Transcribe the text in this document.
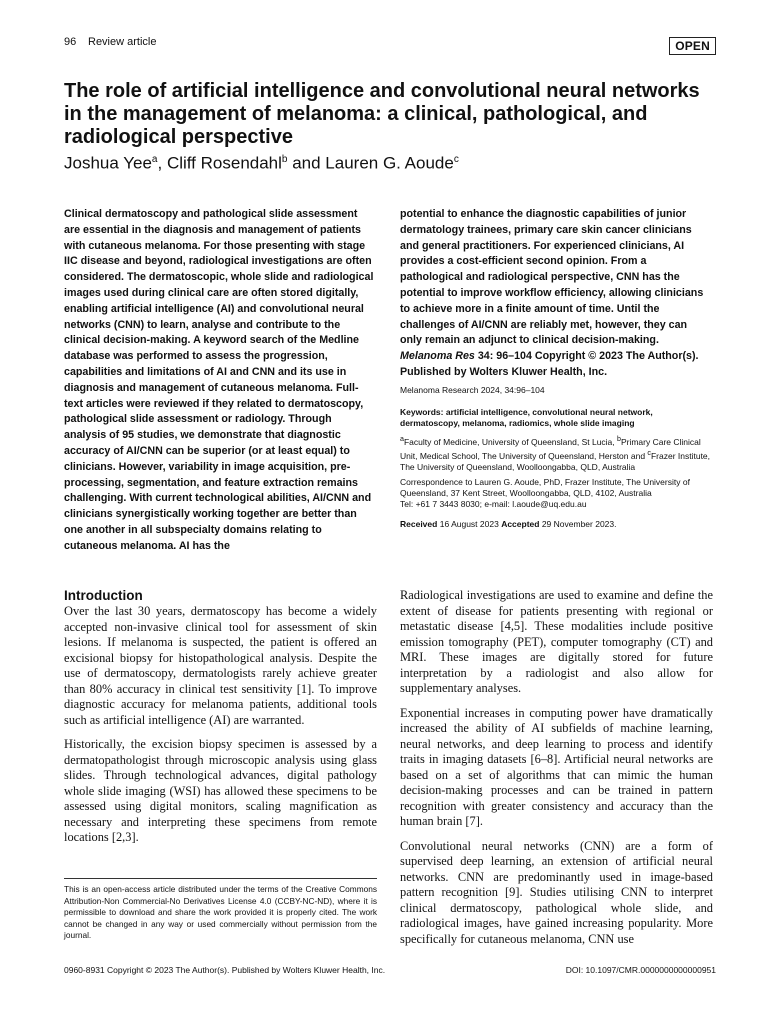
96 Review article	OPEN
The role of artificial intelligence and convolutional neural networks in the management of melanoma: a clinical, pathological, and radiological perspective

Joshua Yee$^a$, Cliff Rosendahl$^b$ and Lauren G. Aoude$^c$

Clinical dermatoscopy and pathological slide assessment are essential in the diagnosis and management of patients with cutaneous melanoma. For those presenting with stage IIC disease and beyond, radiological investigations are often considered. The dermatoscopic, whole slide and radiological images used during clinical care are often stored digitally, enabling artificial intelligence (AI) and convolutional neural networks (CNN) to learn, analyse and contribute to the clinical decision-making. A keyword search of the Medline database was performed to assess the progression, capabilities and limitations of AI and CNN and its use in diagnosis and management of cutaneous melanoma. Full-text articles were reviewed if they related to dermatoscopy, pathological slide assessment or radiology. Through analysis of 95 studies, we demonstrate that diagnostic accuracy of AI/CNN can be superior (or at least equal) to clinicians. However, variability in image acquisition, pre-processing, segmentation, and feature extraction remains challenging. With current technological abilities, AI/CNN and clinicians synergistically working together are better than one another in all subspecialty domains relating to cutaneous melanoma. AI has the

potential to enhance the diagnostic capabilities of junior dermatology trainees, primary care skin cancer clinicians and general practitioners. For experienced clinicians, AI provides a cost-efficient second opinion. From a pathological and radiological perspective, CNN has the potential to improve workflow efficiency, allowing clinicians to achieve more in a finite amount of time. Until the challenges of AI/CNN are reliably met, however, they can only remain an adjunct to clinical decision-making. Melanoma Res 34: 96–104 Copyright © 2023 The Author(s). Published by Wolters Kluwer Health, Inc.

Melanoma Research 2024, 34:96–104

Keywords: artificial intelligence, convolutional neural network, dermatoscopy, melanoma, radiomics, whole slide imaging

$^a$Faculty of Medicine, University of Queensland, St Lucia, $^b$Primary Care Clinical Unit, Medical School, The University of Queensland, Herston and $^c$Frazer Institute, The University of Queensland, Woolloongabba, QLD, Australia

Correspondence to Lauren G. Aoude, PhD, Frazer Institute, The University of Queensland, 37 Kent Street, Woolloongabba, QLD, 4102, Australia
Tel: +61 7 3443 8030; e-mail: l.aoude@uq.edu.au

Received 16 August 2023 Accepted 29 November 2023.

Introduction

Over the last 30 years, dermatoscopy has become a widely accepted non-invasive clinical tool for assessment of skin lesions. If melanoma is suspected, the patient is offered an excisional biopsy for histopathological analysis. Despite the use of dermatoscopy, dermatologists rarely achieve greater than 80% accuracy in clinical test sensitivity [1]. To improve diagnostic accuracy for melanoma patients, additional tools such as artificial intelligence (AI) are warranted.

Historically, the excision biopsy specimen is assessed by a dermatopathologist through microscopic analysis using glass slides. Through technological advances, digital pathology whole slide imaging (WSI) has allowed these specimens to be assessed using digital monitors, scaling magnification as necessary and interpreting these specimens from remote locations [2,3].

Radiological investigations are used to examine and define the extent of disease for patients presenting with regional or metastatic disease [4,5]. These modalities include positive emission tomography (PET), computer tomography (CT) and MRI. These images are digitally stored for future interpretation by a radiologist and also allow for supplementary analyses.

Exponential increases in computing power have dramatically increased the ability of AI subfields of machine learning, neural networks, and deep learning to process and identify traits in imaging datasets [6–8]. Artificial neural networks are based on a set of algorithms that can mimic the human decision-making processes and can be trained in pattern recognition with greater consistency and accuracy than the human brain [7].

Convolutional neural networks (CNN) are a form of supervised deep learning, an extension of artificial neural networks. CNN are predominantly used in image-based pattern recognition [9]. Studies utilising CNN to interpret clinical dermatoscopy, pathological whole slide, and radiological images, have gained increasing popularity. More specifically for cutaneous melanoma, CNN use

This is an open-access article distributed under the terms of the Creative Commons Attribution-Non Commercial-No Derivatives License 4.0 (CCBY-NC-ND), where it is permissible to download and share the work provided it is properly cited. The work cannot be changed in any way or used commercially without permission from the journal.

0960-8931 Copyright © 2023 The Author(s). Published by Wolters Kluwer Health, Inc.	DOI: 10.1097/CMR.0000000000000951
